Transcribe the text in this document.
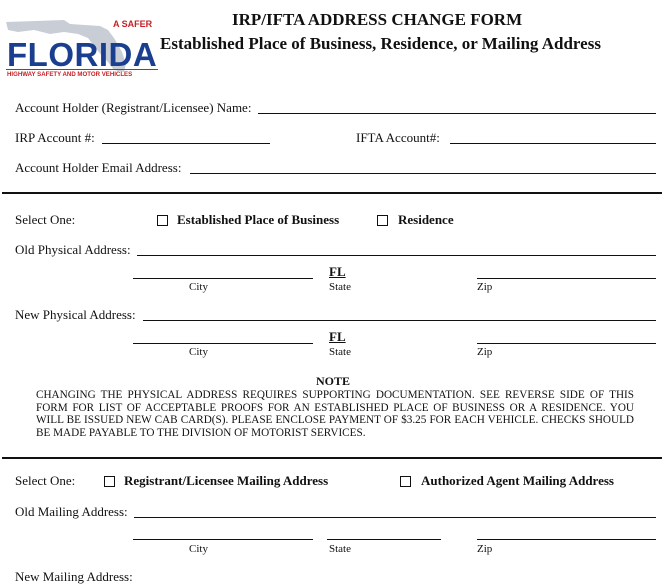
A SAFER
FLORIDA
HIGHWAY SAFETY AND MOTOR VEHICLES
IRP/IFTA ADDRESS CHANGE FORM
Established Place of Business, Residence, or Mailing Address
Account Holder (Registrant/Licensee) Name:
IRP Account #:	IFTA Account#:
Account Holder Email Address:
Select One:	Established Place of Business	Residence
Old Physical Address:
FL
City	State	Zip
New Physical Address:
FL
City	State	Zip
NOTE
CHANGING THE PHYSICAL ADDRESS REQUIRES SUPPORTING DOCUMENTATION. SEE REVERSE SIDE OF THIS FORM FOR LIST OF ACCEPTABLE PROOFS FOR AN ESTABLISHED PLACE OF BUSINESS OR A RESIDENCE. YOU WILL BE ISSUED NEW CAB CARD(S). PLEASE ENCLOSE PAYMENT OF $3.25 FOR EACH VEHICLE. CHECKS SHOULD BE MADE PAYABLE TO THE DIVISION OF MOTORIST SERVICES.
Select One:	Registrant/Licensee Mailing Address	Authorized Agent Mailing Address
Old Mailing Address:
City	State	Zip
New Mailing Address:
